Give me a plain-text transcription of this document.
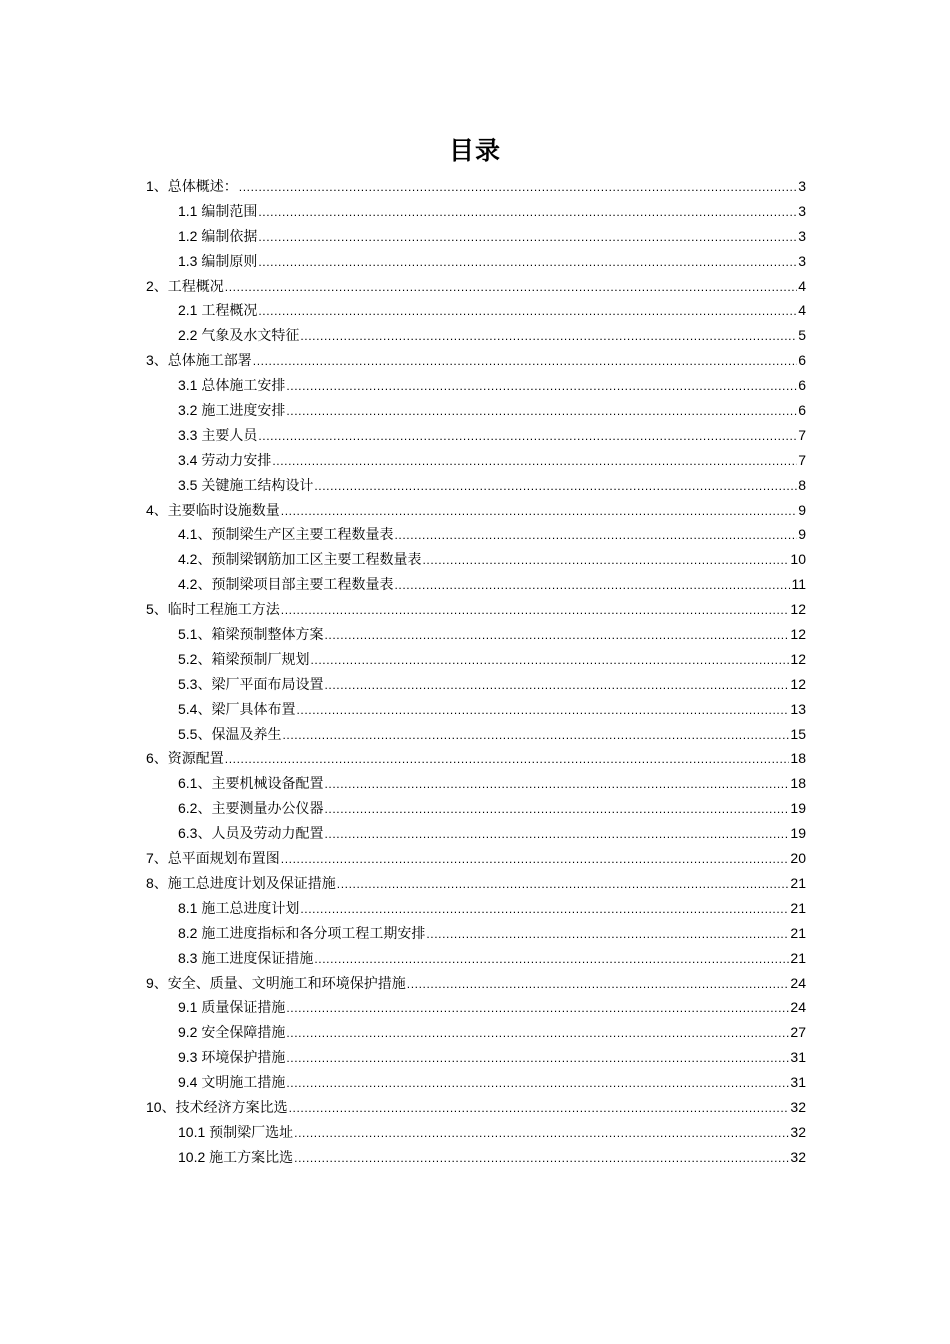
目录
1、总体概述： .....	3
1.1 编制范围 .....	3
1.2 编制依据 .....	3
1.3 编制原则 .....	3
2、工程概况 .....	4
2.1 工程概况 .....	4
2.2 气象及水文特征 .....	5
3、总体施工部署 .....	6
3.1 总体施工安排 .....	6
3.2 施工进度安排 .....	6
3.3 主要人员 .....	7
3.4 劳动力安排 .....	7
3.5 关键施工结构设计 .....	8
4、主要临时设施数量 .....	9
4.1、预制梁生产区主要工程数量表 .....	9
4.2、预制梁钢筋加工区主要工程数量表 .....	10
4.2、预制梁项目部主要工程数量表 .....	11
5、临时工程施工方法 .....	12
5.1、箱梁预制整体方案 .....	12
5.2、箱梁预制厂规划 .....	12
5.3、梁厂平面布局设置 .....	12
5.4、梁厂具体布置 .....	13
5.5、保温及养生 .....	15
6、资源配置 .....	18
6.1、主要机械设备配置 .....	18
6.2、主要测量办公仪器 .....	19
6.3、人员及劳动力配置 .....	19
7、总平面规划布置图 .....	20
8、施工总进度计划及保证措施 .....	21
8.1 施工总进度计划 .....	21
8.2 施工进度指标和各分项工程工期安排 .....	21
8.3 施工进度保证措施 .....	21
9、安全、质量、文明施工和环境保护措施 .....	24
9.1 质量保证措施 .....	24
9.2 安全保障措施 .....	27
9.3 环境保护措施 .....	31
9.4 文明施工措施 .....	31
10、技术经济方案比选 .....	32
10.1 预制梁厂选址 .....	32
10.2 施工方案比选 .....	32
